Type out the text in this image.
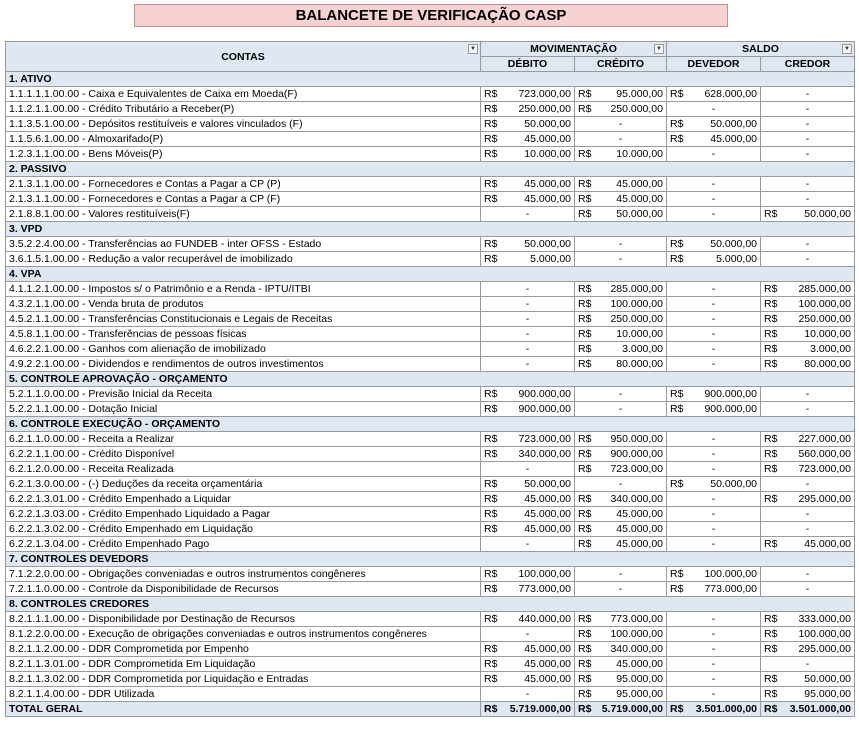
BALANCETE DE VERIFICAÇÃO CASP
CONTAS
▼	MOVIMENTAÇÃO ▼		SALDO ▼	

	DÉBITO	CRÉDITO	DEVEDOR	CREDOR
1. ATIVO				
1.1.1.1.1.00.00 - Caixa e Equivalentes de Caixa em Moeda(F)	R$ 723.000,00	R$ 95.000,00	R$ 628.000,00	-
1.1.2.1.1.00.00 - Crédito Tributário a Receber(P)	R$ 250.000,00	R$ 250.000,00	-	-
1.1.3.5.1.00.00 - Depósitos restituíveis e valores vinculados (F)	R$ 50.000,00	-	R$ 50.000,00	-
1.1.5.6.1.00.00 - Almoxarifado(P)	R$ 45.000,00	-	R$ 45.000,00	-
1.2.3.1.1.00.00 - Bens Móveis(P)	R$ 10.000,00	R$ 10.000,00	-	-
2. PASSIVO				
2.1.3.1.1.00.00 - Fornecedores e Contas a Pagar a CP (P)	R$ 45.000,00	R$ 45.000,00	-	-
2.1.3.1.1.00.00 - Fornecedores e Contas a Pagar a CP (F)	R$ 45.000,00	R$ 45.000,00	-	-
2.1.8.8.1.00.00 - Valores restituíveis(F)	-	R$ 50.000,00	-	R$ 50.000,00

3. VPD				
3.5.2.2.4.00.00 - Transferências ao FUNDEB - inter OFSS - Estado	R$ 50.000,00	-	R$ 50.000,00	-
3.6.1.5.1.00.00 - Redução a valor recuperável de imobilizado	R$ 5.000,00	-	R$ 5.000,00	-
4. VPA				
4.1.1.2.1.00.00 - Impostos s/ o Patrimônio e a Renda - IPTU/ITBI	-	R$ 285.000,00	-	R$ 285.000,00

4.3.2.1.1.00.00 - Venda bruta de produtos	-	R$ 100.000,00	-	R$ 100.000,00

4.5.2.1.1.00.00 - Transferências Constitucionais e Legais de Receitas	-	R$ 250.000,00	-	R$ 250.000,00

4.5.8.1.1.00.00 - Transferências de pessoas físicas	-	R$ 10.000,00	-	R$ 10.000,00

4.6.2.2.1.00.00 - Ganhos com alienação de imobilizado	-	R$ 3.000,00	-	R$ 3.000,00

4.9.2.2.1.00.00 - Dividendos e rendimentos de outros investimentos	-	R$ 80.000,00	-	R$ 80.000,00

5. CONTROLE APROVAÇÃO - ORÇAMENTO				
5.2.1.1.0.00.00 - Previsão Inicial da Receita	R$ 900.000,00	-	R$ 900.000,00	-
5.2.2.1.1.00.00 - Dotação Inicial	R$ 900.000,00	-	R$ 900.000,00	-
6. CONTROLE EXECUÇÃO - ORÇAMENTO				
6.2.1.1.0.00.00 - Receita a Realizar	R$ 723.000,00	R$ 950.000,00	-	R$ 227.000,00

6.2.2.1.1.00.00 - Crédito Disponível	R$ 340.000,00	R$ 900.000,00	-	R$ 560.000,00

6.2.1.2.0.00.00 - Receita Realizada	-	R$ 723.000,00	-	R$ 723.000,00

6.2.1.3.0.00.00 - (-) Deduções da receita orçamentária	R$ 50.000,00	-	R$ 50.000,00	-
6.2.2.1.3.01.00 - Crédito Empenhado a Liquidar	R$ 45.000,00	R$ 340.000,00	-	R$ 295.000,00

6.2.2.1.3.03.00 - Crédito Empenhado Liquidado a Pagar	R$ 45.000,00	R$ 45.000,00	-	-
6.2.2.1.3.02.00 - Crédito Empenhado em Liquidação	R$ 45.000,00	R$ 45.000,00	-	-
6.2.2.1.3.04.00 - Crédito Empenhado Pago	-	R$ 45.000,00	-	R$ 45.000,00

7. CONTROLES DEVEDORS				
7.1.2.2.0.00.00 - Obrigações conveniadas e outros instrumentos congêneres	R$ 100.000,00	-	R$ 100.000,00	-
7.2.1.1.0.00.00 - Controle da Disponibilidade de Recursos	R$ 773.000,00	-	R$ 773.000,00	-
8. CONTROLES CREDORES				
8.2.1.1.1.00.00 - Disponibilidade por Destinação de Recursos	R$ 440.000,00	R$ 773.000,00	-	R$ 333.000,00

8.1.2.2.0.00.00 - Execução de obrigações conveniadas e outros instrumentos congêneres	-	R$ 100.000,00	-	R$ 100.000,00

8.2.1.1.2.00.00 - DDR Comprometida por Empenho	R$ 45.000,00	R$ 340.000,00	-	R$ 295.000,00

8.2.1.1.3.01.00 - DDR Comprometida Em Liquidação	R$ 45.000,00	R$ 45.000,00	-	-
8.2.1.1.3.02.00 - DDR Comprometida por Liquidação e Entradas	R$ 45.000,00	R$ 95.000,00	-	R$ 50.000,00

8.2.1.1.4.00.00 - DDR Utilizada	-	R$ 95.000,00	-	R$ 95.000,00

TOTAL GERAL	R$ 5.719.000,00	R$ 5.719.000,00	R$ 3.501.000,00	R$ 3.501.000,00
